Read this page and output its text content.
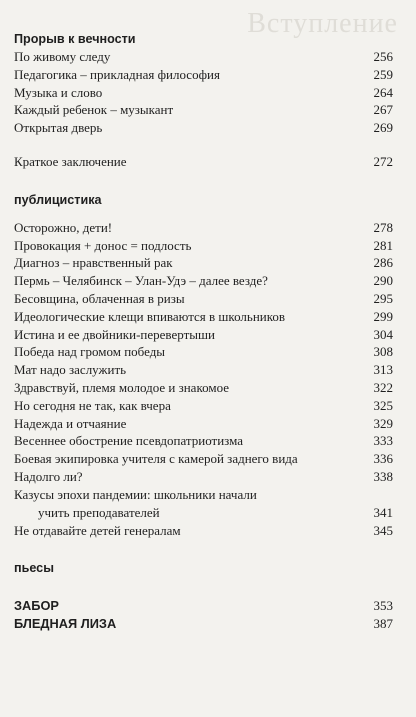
Вступление
Прорыв к вечности
По живому следу	256
Педагогика – прикладная философия	259
Музыка и слово	264
Каждый ребенок – музыкант	267
Открытая дверь	269
Краткое заключение	272
публицистика
Осторожно, дети!	278
Провокация + донос = подлость	281
Диагноз – нравственный рак	286
Пермь – Челябинск – Улан-Удэ – далее везде?	290
Бесовщина, облаченная в ризы	295
Идеологические клещи впиваются в школьников	299
Истина и ее двойники-перевертыши	304
Победа над громом победы	308
Мат надо заслужить	313
Здравствуй, племя молодое и знакомое	322
Но сегодня не так, как вчера	325
Надежда и отчаяние	329
Весеннее обострение псевдопатриотизма	333
Боевая экипировка учителя с камерой заднего вида	336
Надолго ли?	338
Казусы эпохи пандемии: школьники начали
учить преподавателей	341
Не отдавайте детей генералам	345
пьесы
ЗАБОР	353
БЛЕДНАЯ ЛИЗА	387
